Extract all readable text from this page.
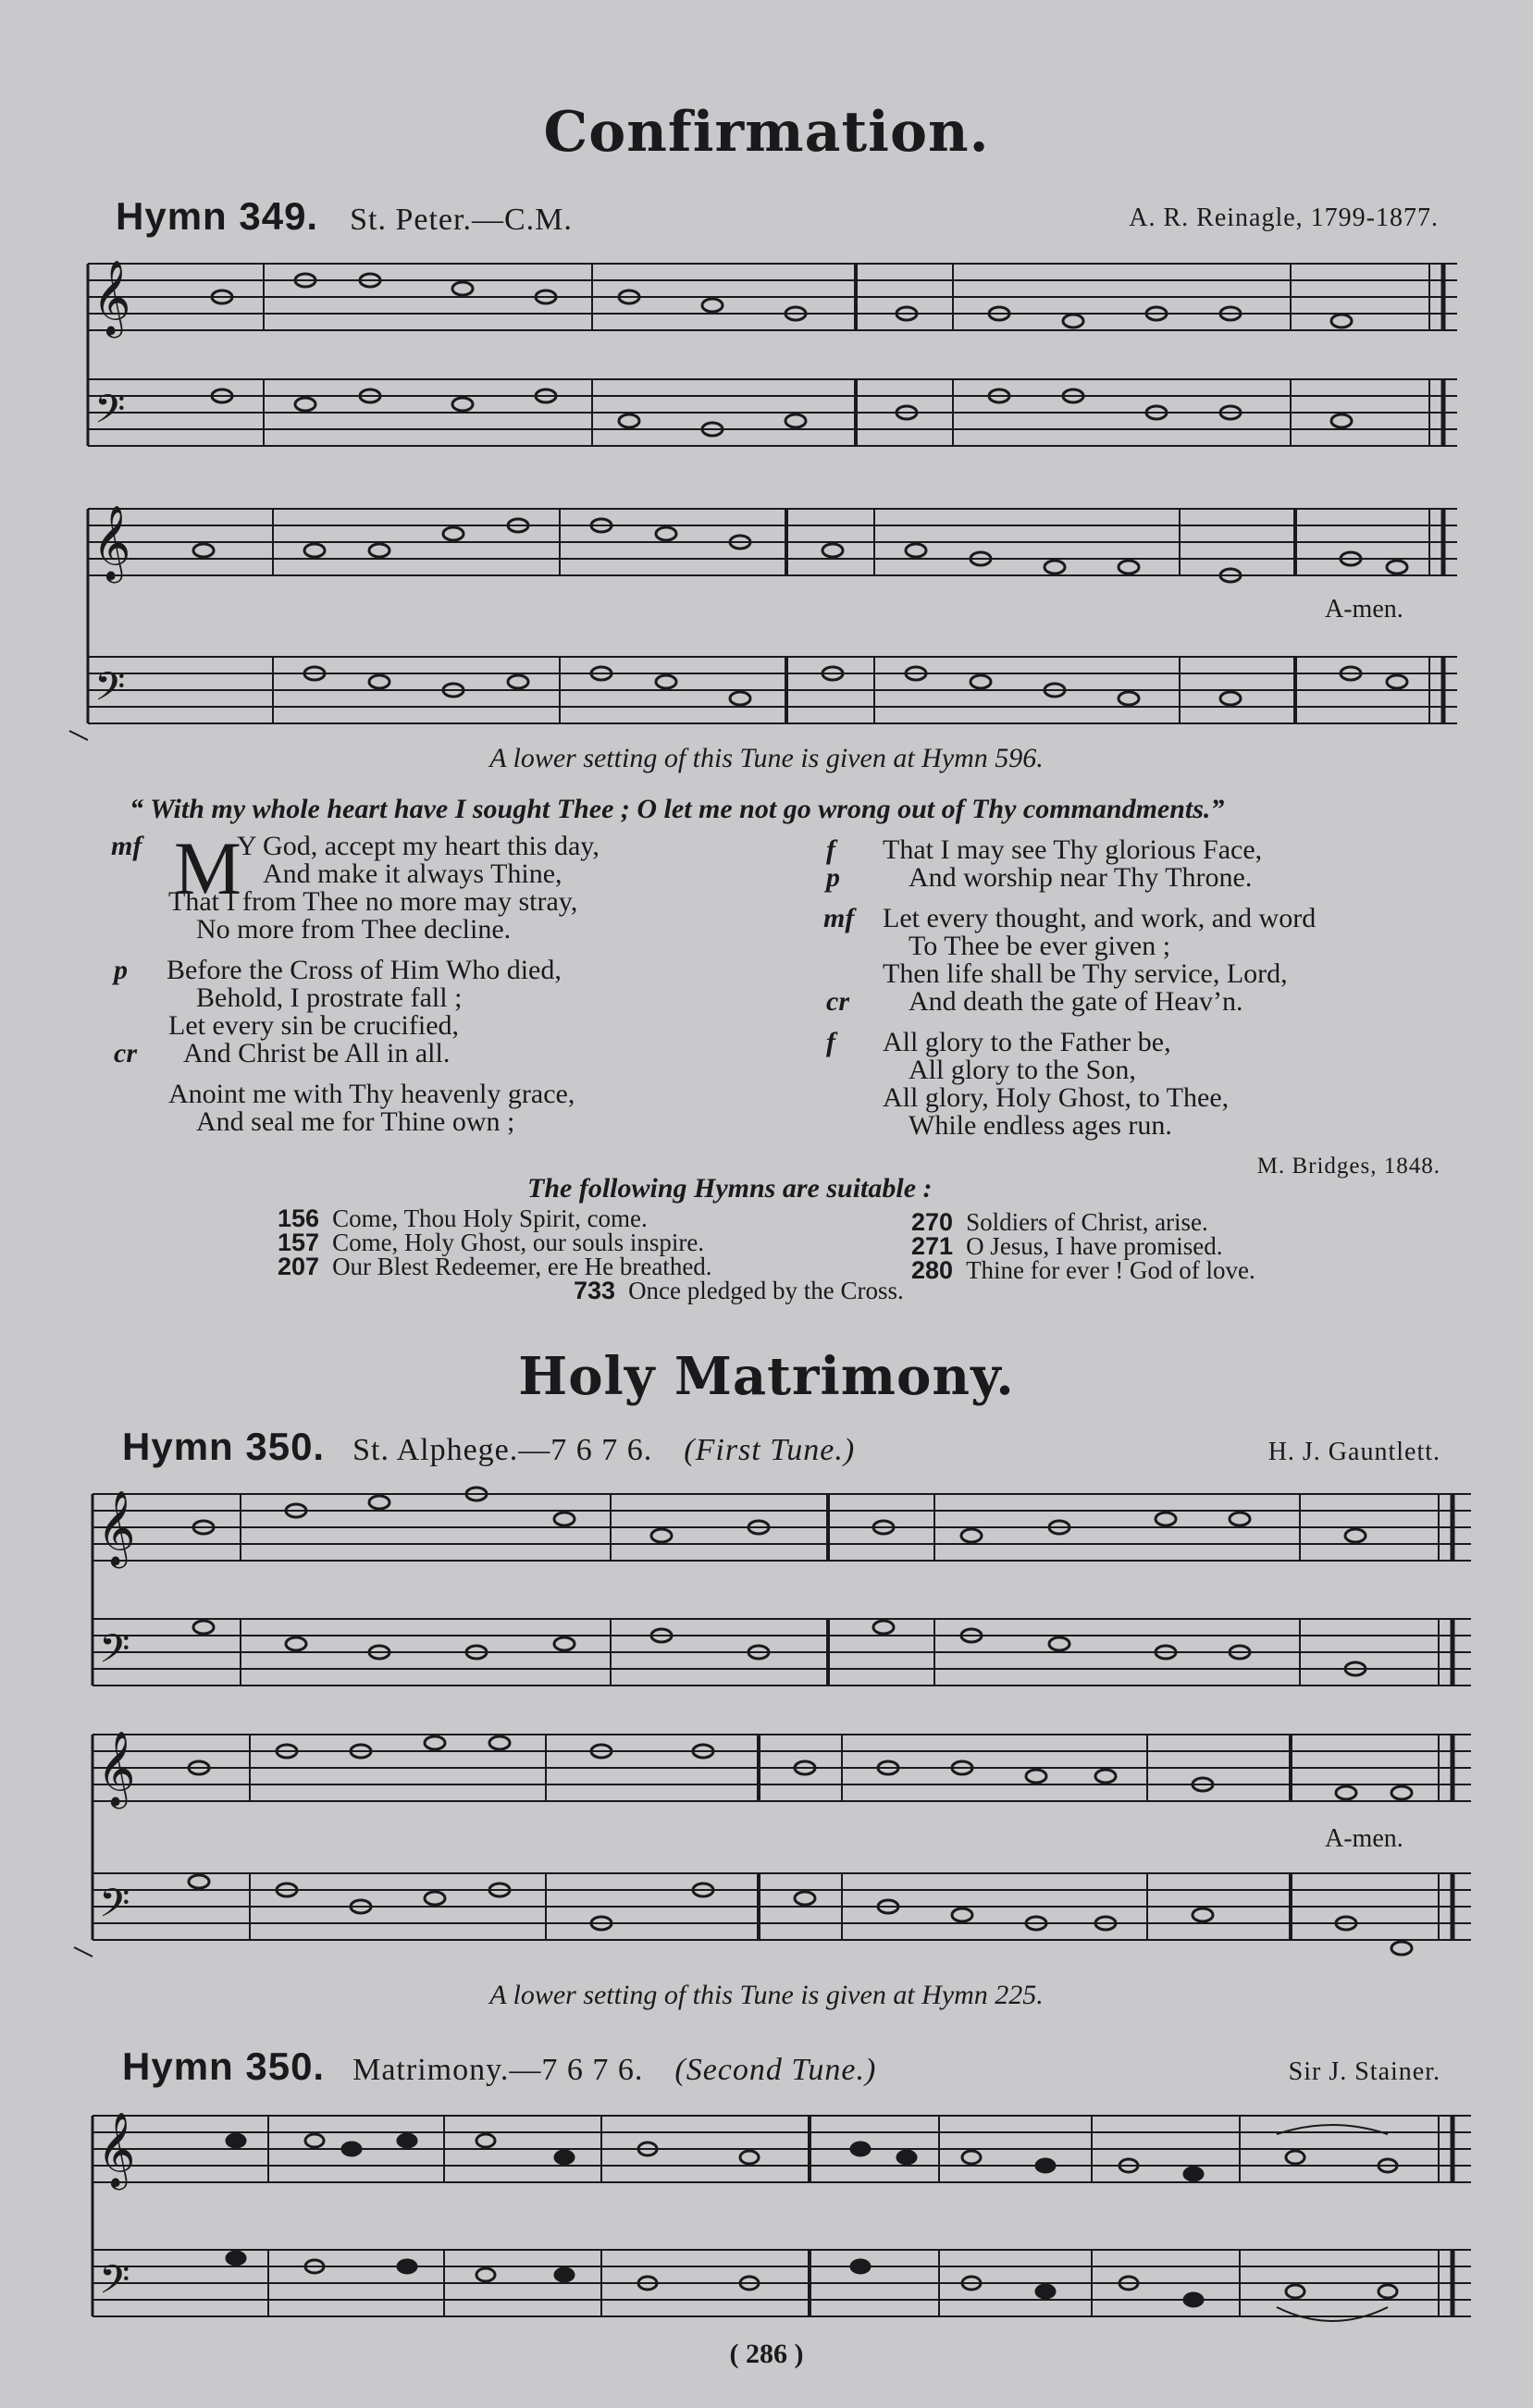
Confirmation.
Hymn 349. St. Peter.—C.M.	A. R. Reinagle, 1799-1877.
𝄞
𝄢
𝄞
𝄢
A-men.
A lower setting of this Tune is given at Hymn 596.
“ With my whole heart have I sought Thee ; O let me not go wrong out of Thy commandments.”
M
mf	Y God, accept my heart this day,
And make it always Thine,
That I from Thee no more may stray,
No more from Thee decline.
p Before the Cross of Him Who died,
Behold, I prostrate fall ;
Let every sin be crucified,
cr And Christ be All in all.
Anoint me with Thy heavenly grace,
And seal me for Thine own ;
f That I may see Thy glorious Face,
p And worship near Thy Throne.
mf Let every thought, and work, and word
To Thee be ever given ;
Then life shall be Thy service, Lord,
cr And death the gate of Heav’n.
f All glory to the Father be,
All glory to the Son,
All glory, Holy Ghost, to Thee,
While endless ages run.
M. Bridges, 1848.
The following Hymns are suitable :
156 Come, Thou Holy Spirit, come.
157 Come, Holy Ghost, our souls inspire.
207 Our Blest Redeemer, ere He breathed.
270 Soldiers of Christ, arise.
271 O Jesus, I have promised.
280 Thine for ever ! God of love.
733 Once pledged by the Cross.
Holy Matrimony.
Hymn 350. St. Alphege.—7 6 7 6. (First Tune.)	H. J. Gauntlett.
𝄞
𝄢
𝄞
𝄢
A-men.
A lower setting of this Tune is given at Hymn 225.
Hymn 350. Matrimony.—7 6 7 6. (Second Tune.)	Sir J. Stainer.
𝄞
𝄢
( 286 )
